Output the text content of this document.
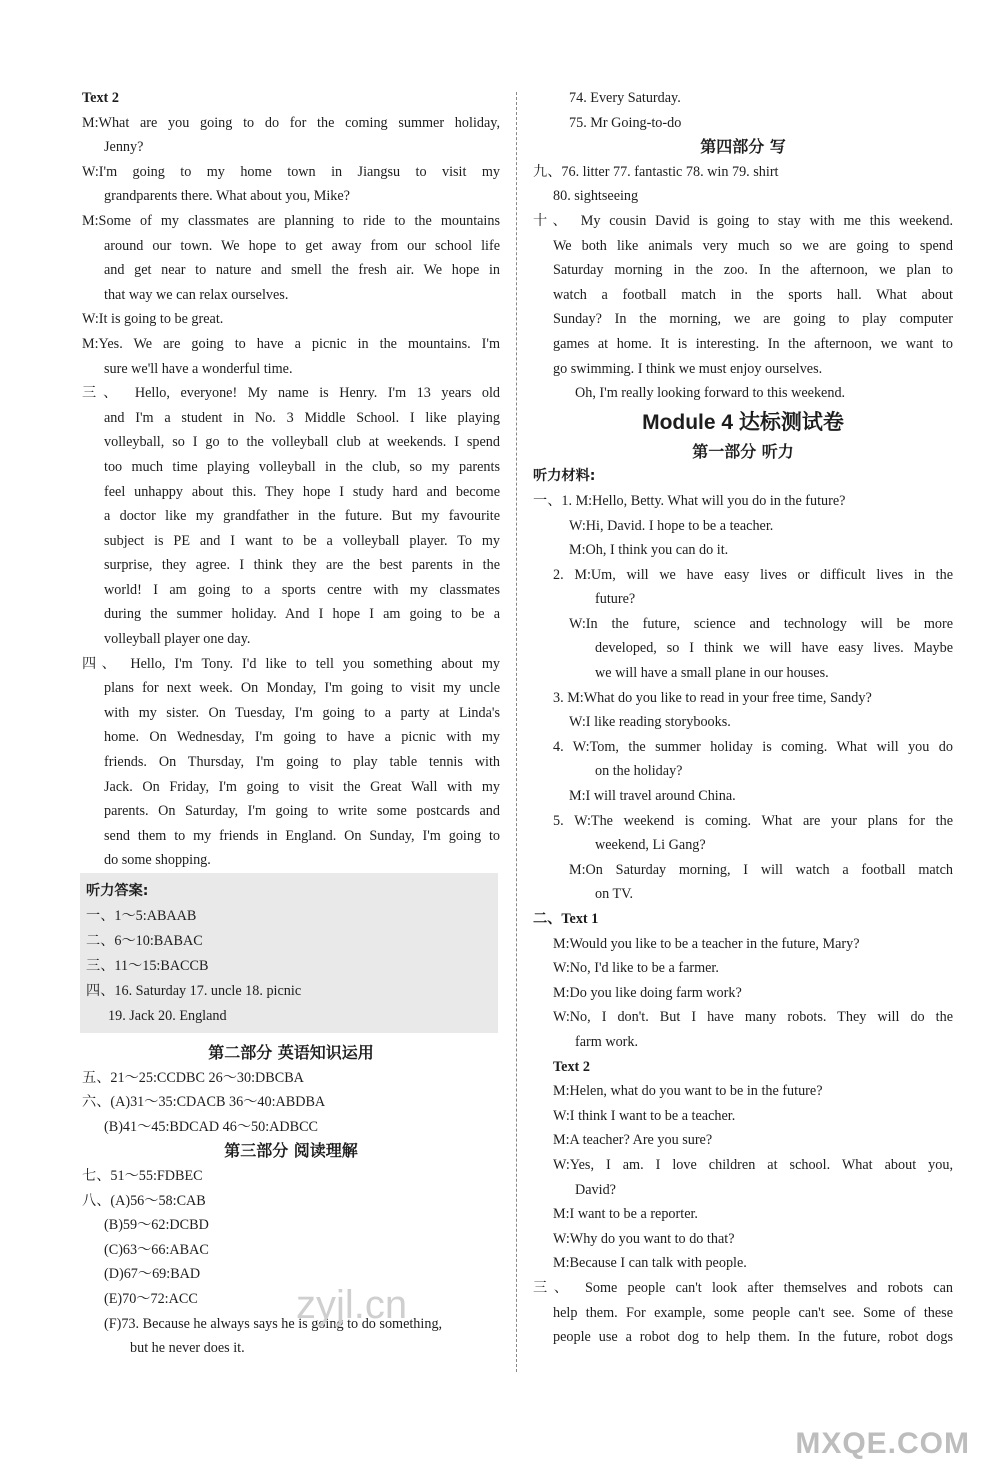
Text 2
M:What are you going to do for the coming summer holiday,
Jenny?
W:I'm going to my home town in Jiangsu to visit my
grandparents there. What about you, Mike?
M:Some of my classmates are planning to ride to the mountains
around our town. We hope to get away from our school life
and get near to nature and smell the fresh air. We hope in
that way we can relax ourselves.
W:It is going to be great.
M:Yes. We are going to have a picnic in the mountains. I'm
sure we'll have a wonderful time.
三、 Hello, everyone! My name is Henry. I'm 13 years old
and I'm a student in No. 3 Middle School. I like playing
volleyball, so I go to the volleyball club at weekends. I spend
too much time playing volleyball in the club, so my parents
feel unhappy about this. They hope I study hard and become
a doctor like my grandfather in the future. But my favourite
subject is PE and I want to be a volleyball player. To my
surprise, they agree. I think they are the best parents in the
world! I am going to a sports centre with my classmates
during the summer holiday. And I hope I am going to be a
volleyball player one day.
四、 Hello, I'm Tony. I'd like to tell you something about my
plans for next week. On Monday, I'm going to visit my uncle
with my sister. On Tuesday, I'm going to a party at Linda's
home. On Wednesday, I'm going to have a picnic with my
friends. On Thursday, I'm going to play table tennis with
Jack. On Friday, I'm going to visit the Great Wall with my
parents. On Saturday, I'm going to write some postcards and
send them to my friends in England. On Sunday, I'm going to
do some shopping.
听力答案:
一、1～5:ABAAB
二、6～10:BABAC
三、11～15:BACCB
四、16. Saturday 17. uncle 18. picnic
19. Jack 20. England
第二部分 英语知识运用
五、21～25:CCDBC 26～30:DBCBA
六、(A)31～35:CDACB 36～40:ABDBA
(B)41～45:BDCAD 46～50:ADBCC
第三部分 阅读理解
七、51～55:FDBEC
八、(A)56～58:CAB
(B)59～62:DCBD
(C)63～66:ABAC
(D)67～69:BAD
(E)70～72:ACC
(F)73. Because he always says he is going to do something,
but he never does it.
74. Every Saturday.
75. Mr Going-to-do
第四部分 写
九、76. litter 77. fantastic 78. win 79. shirt
80. sightseeing
十、 My cousin David is going to stay with me this weekend.
We both like animals very much so we are going to spend
Saturday morning in the zoo. In the afternoon, we plan to
watch a football match in the sports hall. What about
Sunday? In the morning, we are going to play computer
games at home. It is interesting. In the afternoon, we want to
go swimming. I think we must enjoy ourselves.
Oh, I'm really looking forward to this weekend.
Module 4 达标测试卷
第一部分 听力
听力材料:
一、1. M:Hello, Betty. What will you do in the future?
W:Hi, David. I hope to be a teacher.
M:Oh, I think you can do it.
2. M:Um, will we have easy lives or difficult lives in the
future?
W:In the future, science and technology will be more
developed, so I think we will have easy lives. Maybe
we will have a small plane in our houses.
3. M:What do you like to read in your free time, Sandy?
W:I like reading storybooks.
4. W:Tom, the summer holiday is coming. What will you do
on the holiday?
M:I will travel around China.
5. W:The weekend is coming. What are your plans for the
weekend, Li Gang?
M:On Saturday morning, I will watch a football match
on TV.
二、Text 1
M:Would you like to be a teacher in the future, Mary?
W:No, I'd like to be a farmer.
M:Do you like doing farm work?
W:No, I don't. But I have many robots. They will do the
farm work.
Text 2
M:Helen, what do you want to be in the future?
W:I think I want to be a teacher.
M:A teacher? Are you sure?
W:Yes, I am. I love children at school. What about you,
David?
M:I want to be a reporter.
W:Why do you want to do that?
M:Because I can talk with people.
三、 Some people can't look after themselves and robots can
help them. For example, some people can't see. Some of these
people use a robot dog to help them. In the future, robot dogs
zyjl.cn
MXQE.COM
